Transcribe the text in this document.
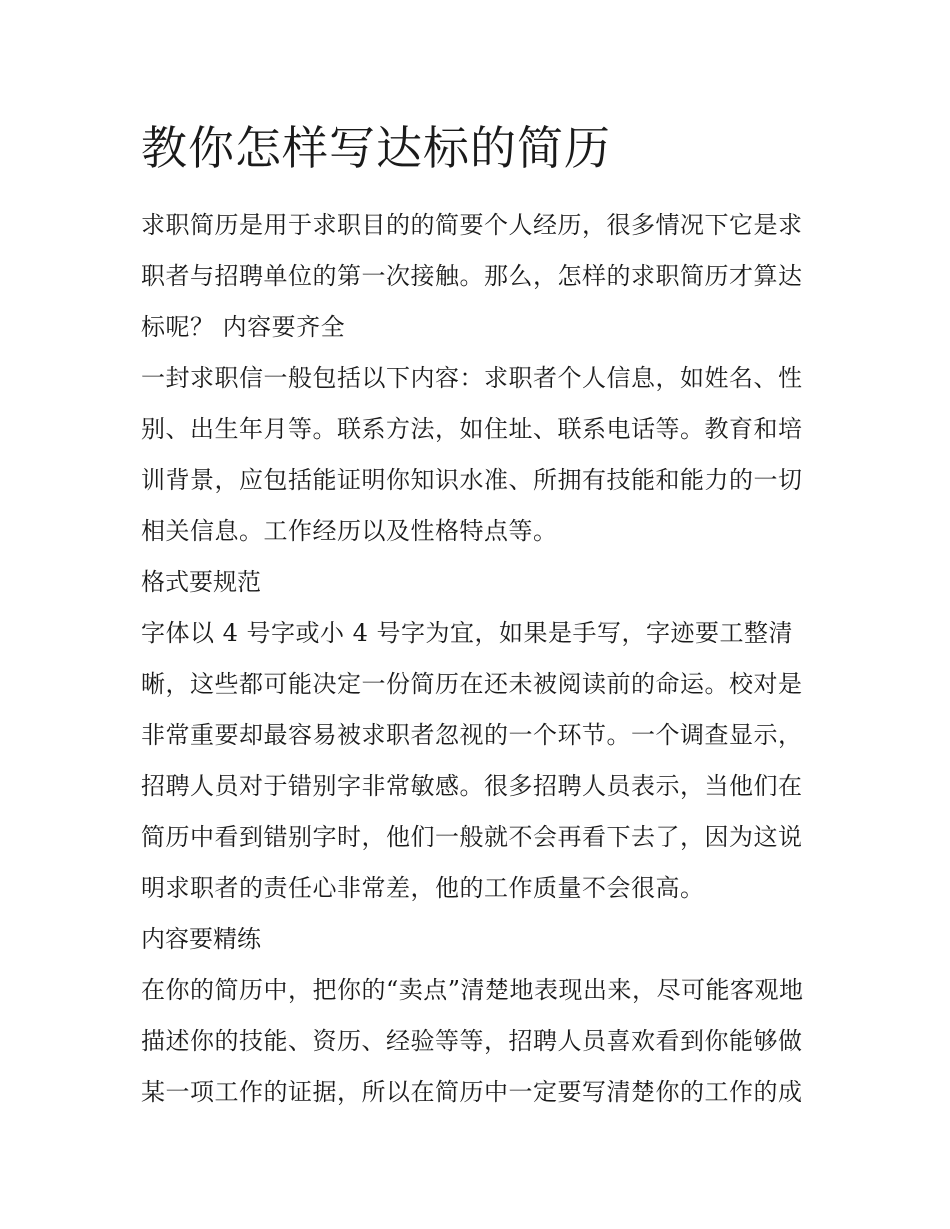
教你怎样写达标的简历

求职简历是用于求职目的的简要个人经历，很多情况下它是求
职者与招聘单位的第一次接触。那么，怎样的求职简历才算达
标呢？ 内容要齐全

一封求职信一般包括以下内容：求职者个人信息，如姓名、性
别、出生年月等。联系方法，如住址、联系电话等。教育和培
训背景，应包括能证明你知识水准、所拥有技能和能力的一切
相关信息。工作经历以及性格特点等。

格式要规范

字体以 4 号字或小 4 号字为宜，如果是手写，字迹要工整清
晰，这些都可能决定一份简历在还未被阅读前的命运。校对是
非常重要却最容易被求职者忽视的一个环节。一个调查显示，
招聘人员对于错别字非常敏感。很多招聘人员表示，当他们在
简历中看到错别字时，他们一般就不会再看下去了，因为这说
明求职者的责任心非常差，他的工作质量不会很高。

内容要精练

在你的简历中，把你的“卖点”清楚地表现出来，尽可能客观地
描述你的技能、资历、经验等等，招聘人员喜欢看到你能够做
某一项工作的证据，所以在简历中一定要写清楚你的工作的成
